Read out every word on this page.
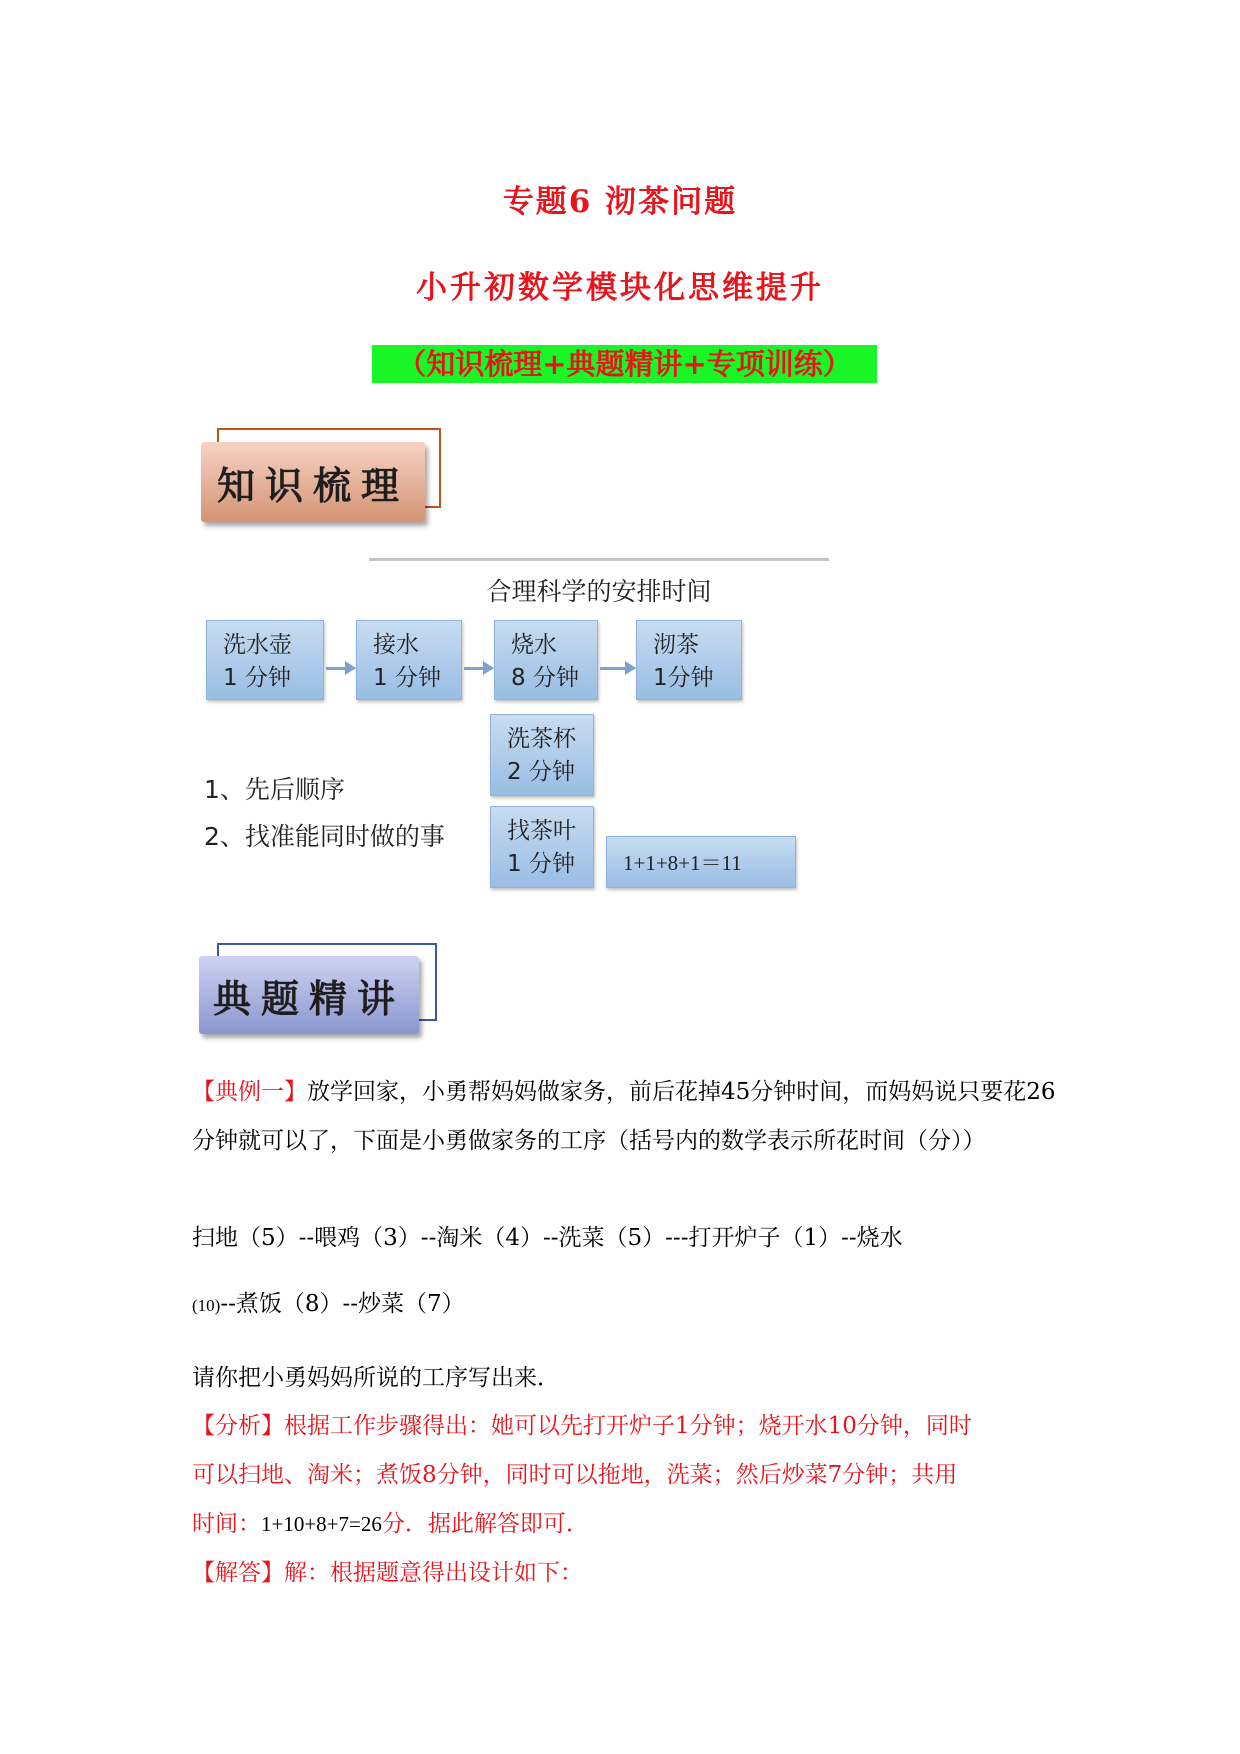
专题6 沏茶问题
小升初数学模块化思维提升
（知识梳理+典题精讲+专项训练）
知识梳理
合理科学的安排时间
洗水壶
1 分钟
接水
1 分钟
烧水
8 分钟
沏茶
1分钟
洗茶杯
2 分钟
找茶叶
1 分钟
1、先后顺序
2、找准能同时做的事
1+1+8+1＝11
典题精讲
【典例一】放学回家，小勇帮妈妈做家务，前后花掉45分钟时间，而妈妈说只要花26分钟就可以了，下面是小勇做家务的工序（括号内的数学表示所花时间（分））
扫地（5）--喂鸡（3）--淘米（4）--洗菜（5）---打开炉子（1）--烧水
(10)--煮饭（8）--炒菜（7）
请你把小勇妈妈所说的工序写出来．
【分析】根据工作步骤得出：她可以先打开炉子1分钟；烧开水10分钟，同时
可以扫地、淘米；煮饭8分钟，同时可以拖地，洗菜；然后炒菜7分钟；共用
时间：1+10+8+7=26分．据此解答即可．
【解答】解：根据题意得出设计如下：
